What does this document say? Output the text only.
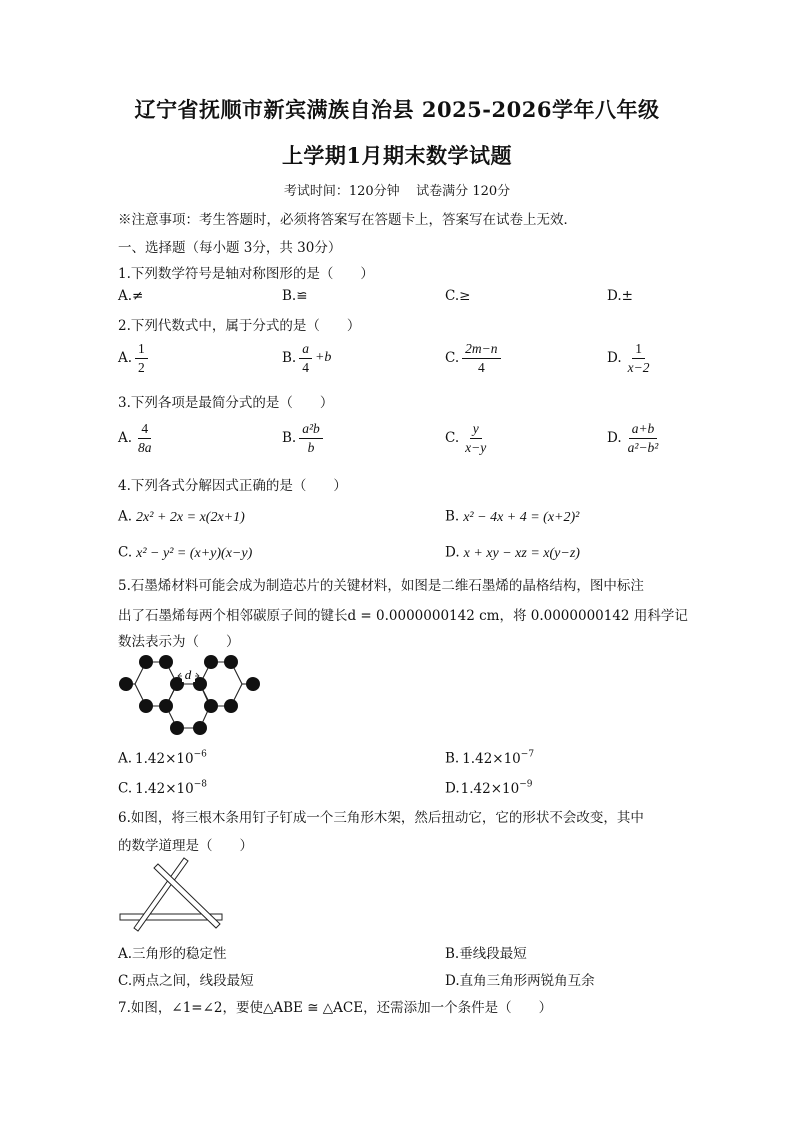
辽宁省抚顺市新宾满族自治县 2025-2026学年八年级
上学期1月期末数学试题
考试时间：120分钟    试卷满分 120分
※注意事项：考生答题时，必须将答案写在答题卡上，答案写在试卷上无效．
一、选择题（每小题 3分，共 30分）
1.下列数学符号是轴对称图形的是（　　）
A.≠	B.≌	C.≥	D.±
2.下列代数式中，属于分式的是（　　）
A. $\frac{1}{2}$	B. $\frac{a}{4} +b$	C. $\frac{2m-n}{4}$	D. $\frac{1}{x-2}$
3.下列各项是最简分式的是（　　）
A. $\frac{4}{8a}$	B. $\frac{\text{a²b}}{b}$	C. $\frac{y}{x-y}$	D. $\frac{a+b}{\text{a²−b²}}$
4.下列各式分解因式正确的是（　　）
A. 2x² + 2x = x(2x+1)	B. x² − 4x + 4 = (x+2)²
C. x² − y² = (x+y)(x−y)	D. x + xy − xz = x(y−z)
5.石墨烯材料可能会成为制造芯片的关键材料，如图是二维石墨烯的晶格结构，图中标注
出了石墨烯每两个相邻碳原子间的键长d = 0.0000000142 cm，将 0.0000000142 用科学记
数法表示为（　　）
d
A. $1.42\times 10^{-6}$	B. $1.42\times 10^{-7}$
C. $1.42\times 10^{-8}$	$D.1.42\times 10^{-9}$
6.如图，将三根木条用钉子钉成一个三角形木架，然后扭动它，它的形状不会改变，其中
的数学道理是（　　）
A.三角形的稳定性	B.垂线段最短
C.两点之间，线段最短	D.直角三角形两锐角互余
7.如图，∠1=∠2，要使△ABE ≅ △ACE，还需添加一个条件是（　　）
